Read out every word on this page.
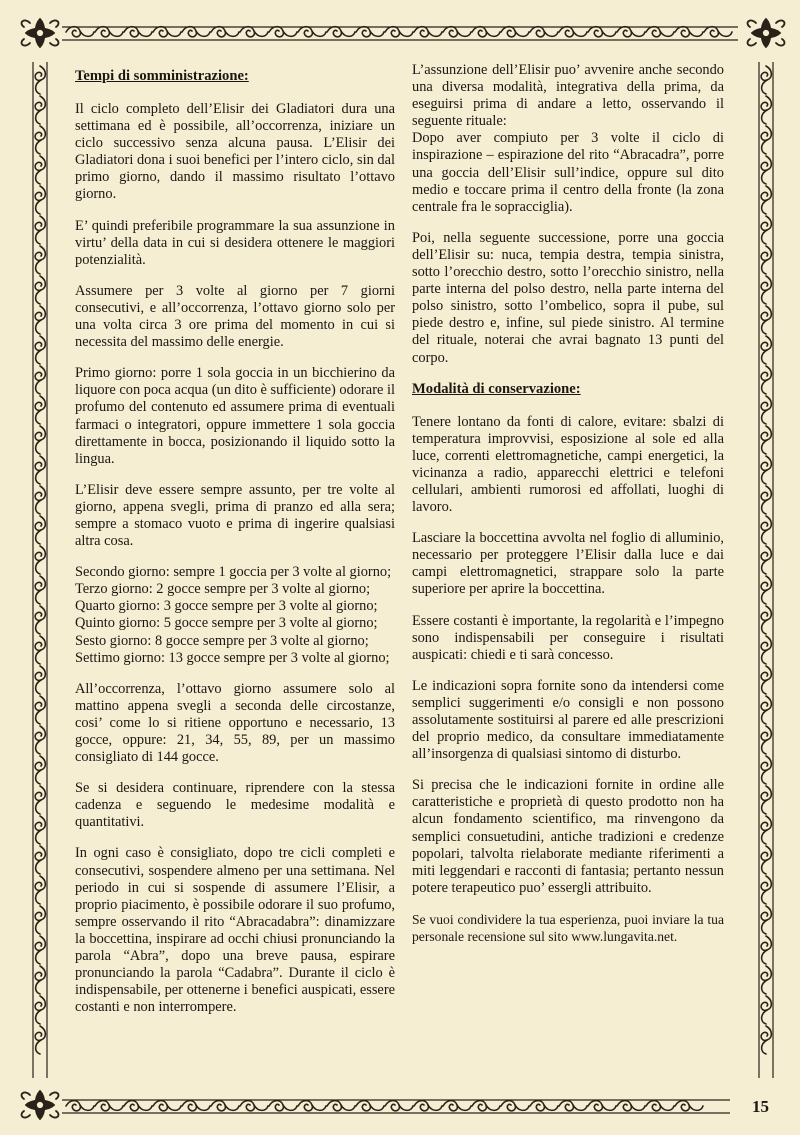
Tempi di somministrazione:

Il ciclo completo dell’Elisir dei Gladiatori dura una settimana ed è possibile, all’occorrenza, iniziare un ciclo successivo senza alcuna pausa. L’Elisir dei Gladiatori dona i suoi benefici per l’intero ciclo, sin dal primo giorno, dando il massimo risultato l’ottavo giorno.

E’ quindi preferibile programmare la sua assunzione in virtu’ della data in cui si desidera ottenere le maggiori potenzialità.

Assumere per 3 volte al giorno per 7 giorni consecutivi, e all’occorrenza, l’ottavo giorno solo per una volta circa 3 ore prima del momento in cui si necessita del massimo delle energie.

Primo giorno: porre 1 sola goccia in un bicchierino da liquore con poca acqua (un dito è sufficiente) odorare il profumo del contenuto ed assumere prima di eventuali farmaci o integratori, oppure immettere 1 sola goccia direttamente in bocca, posizionando il liquido sotto la lingua.

L’Elisir deve essere sempre assunto, per tre volte al giorno, appena svegli, prima di pranzo ed alla sera; sempre a stomaco vuoto e prima di ingerire qualsiasi altra cosa.

Secondo giorno: sempre 1 goccia per 3 volte al giorno;
Terzo giorno: 2 gocce sempre per 3 volte al giorno;
Quarto giorno: 3 gocce sempre per 3 volte al giorno;
Quinto giorno: 5 gocce sempre per 3 volte al giorno;
Sesto giorno: 8 gocce sempre per 3 volte al giorno;
Settimo giorno: 13 gocce sempre per 3 volte al giorno;

All’occorrenza, l’ottavo giorno assumere solo al mattino appena svegli a seconda delle circostanze, cosi’ come lo si ritiene opportuno e necessario, 13 gocce, oppure: 21, 34, 55, 89, per un massimo consigliato di 144 gocce.

Se si desidera continuare, riprendere con la stessa cadenza e seguendo le medesime modalità e quantitativi.

In ogni caso è consigliato, dopo tre cicli completi e consecutivi, sospendere almeno per una settimana. Nel periodo in cui si sospende di assumere l’Elisir, a proprio piacimento, è possibile odorare il suo profumo, sempre osservando il rito “Abracadabra”: dinamizzare la boccettina, inspirare ad occhi chiusi pronunciando la parola “Abra”, dopo una breve pausa, espirare pronunciando la parola “Cadabra”. Durante il ciclo è indispensabile, per ottenerne i benefici auspicati, essere costanti e non interrompere.

L’assunzione dell’Elisir puo’ avvenire anche secondo una diversa modalità, integrativa della prima, da eseguirsi prima di andare a letto, osservando il seguente rituale:

Dopo aver compiuto per 3 volte il ciclo di inspirazione – espirazione del rito “Abracadra”, porre una goccia dell’Elisir sull’indice, oppure sul dito medio e toccare prima il centro della fronte (la zona centrale fra le sopracciglia).

Poi, nella seguente successione, porre una goccia dell’Elisir su: nuca, tempia destra, tempia sinistra, sotto l’orecchio destro, sotto l’orecchio sinistro, nella parte interna del polso destro, nella parte interna del polso sinistro, sotto l’ombelico, sopra il pube, sul piede destro e, infine, sul piede sinistro. Al termine del rituale, noterai che avrai bagnato 13 punti del corpo.

Modalità di conservazione:

Tenere lontano da fonti di calore, evitare: sbalzi di temperatura improvvisi, esposizione al sole ed alla luce, correnti elettromagnetiche, campi energetici, la vicinanza a radio, apparecchi elettrici e telefoni cellulari, ambienti rumorosi ed affollati, luoghi di lavoro.

Lasciare la boccettina avvolta nel foglio di alluminio, necessario per proteggere l’Elisir dalla luce e dai campi elettromagnetici, strappare solo la parte superiore per aprire la boccettina.

Essere costanti è importante, la regolarità e l’impegno sono indispensabili per conseguire i risultati auspicati: chiedi e ti sarà concesso.

Le indicazioni sopra fornite sono da intendersi come semplici suggerimenti e/o consigli e non possono assolutamente sostituirsi al parere ed alle prescrizioni del proprio medico, da consultare immediatamente all’insorgenza di qualsiasi sintomo di disturbo.

Si precisa che le indicazioni fornite in ordine alle caratteristiche e proprietà di questo prodotto non ha alcun fondamento scientifico, ma rinvengono da semplici consuetudini, antiche tradizioni e credenze popolari, talvolta rielaborate mediante riferimenti a miti leggendari e racconti di fantasia; pertanto nessun potere terapeutico puo’ essergli attribuito.

Se vuoi condividere la tua esperienza, puoi inviare la tua personale recensione sul sito www.lungavita.net.

15
